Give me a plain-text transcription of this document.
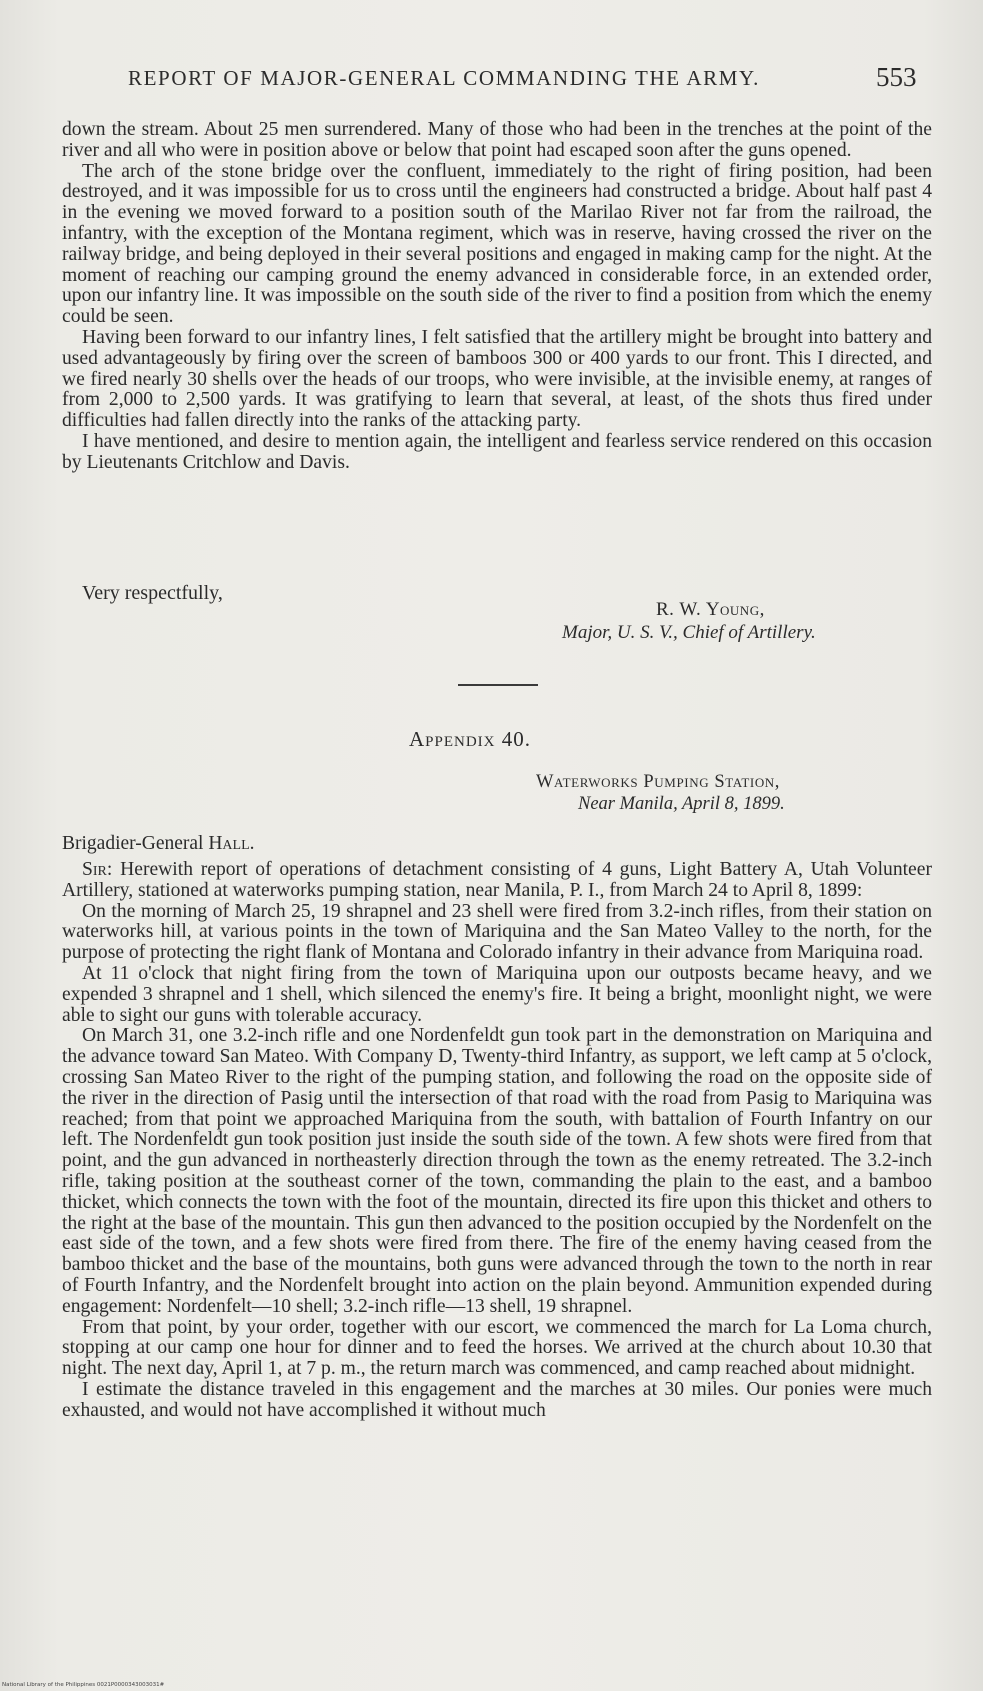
REPORT OF MAJOR-GENERAL COMMANDING THE ARMY.	553

down the stream. About 25 men surrendered. Many of those who had been in the trenches at the point of the river and all who were in position above or below that point had escaped soon after the guns opened.

The arch of the stone bridge over the confluent, immediately to the right of firing position, had been destroyed, and it was impossible for us to cross until the engineers had constructed a bridge. About half past 4 in the evening we moved forward to a position south of the Marilao River not far from the railroad, the infantry, with the exception of the Montana regiment, which was in reserve, having crossed the river on the railway bridge, and being deployed in their several positions and engaged in making camp for the night. At the moment of reaching our camping ground the enemy advanced in considerable force, in an extended order, upon our infantry line. It was impossible on the south side of the river to find a position from which the enemy could be seen.

Having been forward to our infantry lines, I felt satisfied that the artillery might be brought into battery and used advantageously by firing over the screen of bamboos 300 or 400 yards to our front. This I directed, and we fired nearly 30 shells over the heads of our troops, who were invisible, at the invisible enemy, at ranges of from 2,000 to 2,500 yards. It was gratifying to learn that several, at least, of the shots thus fired under difficulties had fallen directly into the ranks of the attacking party.

I have mentioned, and desire to mention again, the intelligent and fearless service rendered on this occasion by Lieutenants Critchlow and Davis.

Very respectfully,
R. W. Young,
Major, U. S. V., Chief of Artillery.
Appendix 40.
Waterworks Pumping Station,
Near Manila, April 8, 1899.
Brigadier-General Hall.

Sir: Herewith report of operations of detachment consisting of 4 guns, Light Battery A, Utah Volunteer Artillery, stationed at waterworks pumping station, near Manila, P. I., from March 24 to April 8, 1899:

On the morning of March 25, 19 shrapnel and 23 shell were fired from 3.2-inch rifles, from their station on waterworks hill, at various points in the town of Mariquina and the San Mateo Valley to the north, for the purpose of protecting the right flank of Montana and Colorado infantry in their advance from Mariquina road.

At 11 o'clock that night firing from the town of Mariquina upon our outposts became heavy, and we expended 3 shrapnel and 1 shell, which silenced the enemy's fire. It being a bright, moonlight night, we were able to sight our guns with tolerable accuracy.

On March 31, one 3.2-inch rifle and one Nordenfeldt gun took part in the demonstration on Mariquina and the advance toward San Mateo. With Company D, Twenty-third Infantry, as support, we left camp at 5 o'clock, crossing San Mateo River to the right of the pumping station, and following the road on the opposite side of the river in the direction of Pasig until the intersection of that road with the road from Pasig to Mariquina was reached; from that point we approached Mariquina from the south, with battalion of Fourth Infantry on our left. The Nordenfeldt gun took position just inside the south side of the town. A few shots were fired from that point, and the gun advanced in northeasterly direction through the town as the enemy retreated. The 3.2-inch rifle, taking position at the southeast corner of the town, commanding the plain to the east, and a bamboo thicket, which connects the town with the foot of the mountain, directed its fire upon this thicket and others to the right at the base of the mountain. This gun then advanced to the position occupied by the Nordenfelt on the east side of the town, and a few shots were fired from there. The fire of the enemy having ceased from the bamboo thicket and the base of the mountains, both guns were advanced through the town to the north in rear of Fourth Infantry, and the Nordenfelt brought into action on the plain beyond. Ammunition expended during engagement: Nordenfelt—10 shell; 3.2-inch rifle—13 shell, 19 shrapnel.

From that point, by your order, together with our escort, we commenced the march for La Loma church, stopping at our camp one hour for dinner and to feed the horses. We arrived at the church about 10.30 that night. The next day, April 1, at 7 p. m., the return march was commenced, and camp reached about midnight.

I estimate the distance traveled in this engagement and the marches at 30 miles. Our ponies were much exhausted, and would not have accomplished it without much

National Library of the Philippines 0021P0000343003031#
